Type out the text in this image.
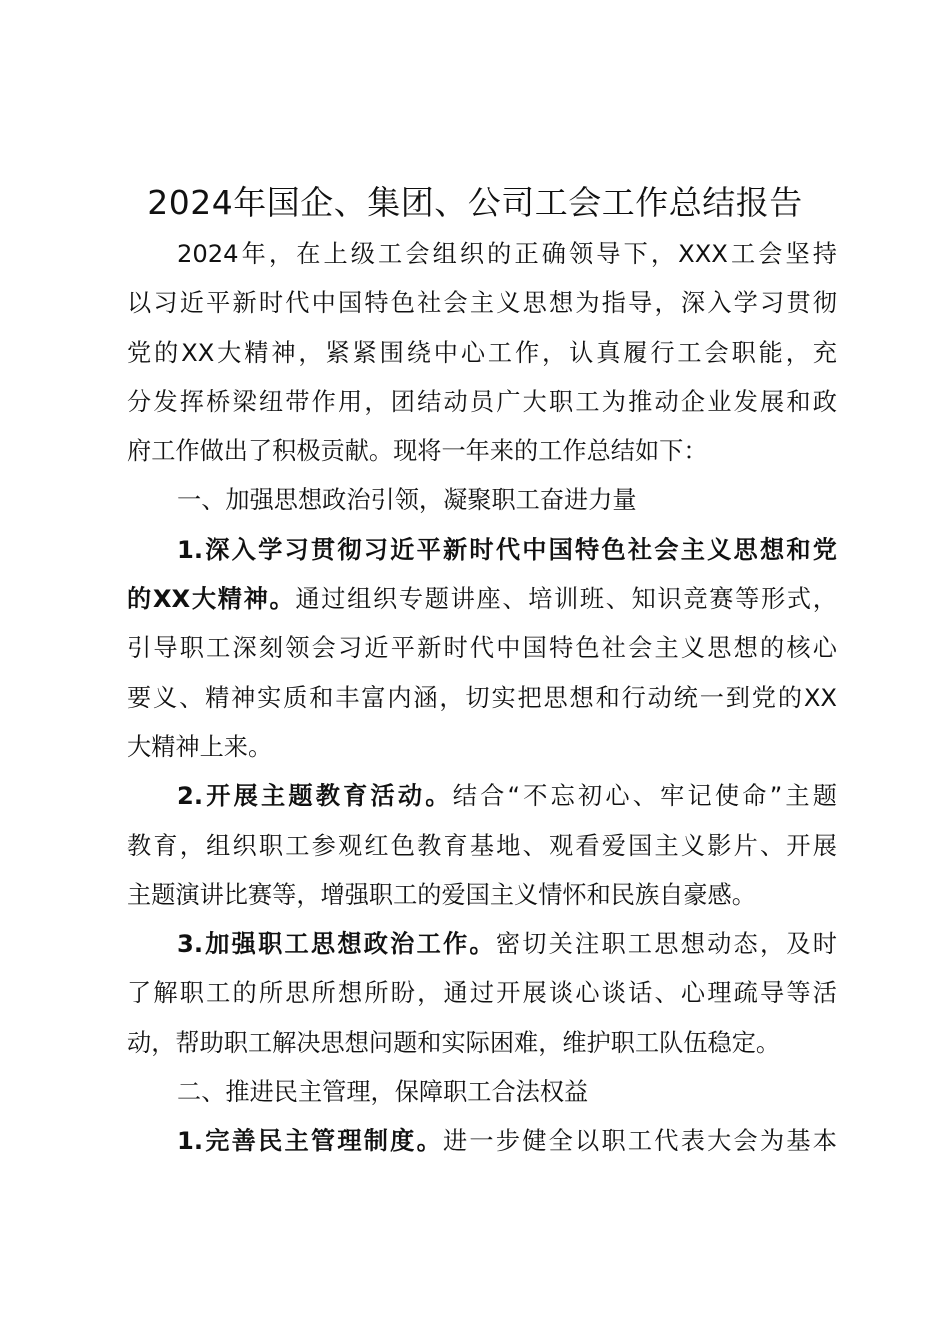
2024年国企、集团、公司工会工作总结报告
2024年，在上级工会组织的正确领导下，XXX工会坚持
以习近平新时代中国特色社会主义思想为指导，深入学习贯彻
党的XX大精神，紧紧围绕中心工作，认真履行工会职能，充
分发挥桥梁纽带作用，团结动员广大职工为推动企业发展和政
府工作做出了积极贡献。现将一年来的工作总结如下：
一、加强思想政治引领，凝聚职工奋进力量
1.深入学习贯彻习近平新时代中国特色社会主义思想和党
的XX大精神。通过组织专题讲座、培训班、知识竞赛等形式，
引导职工深刻领会习近平新时代中国特色社会主义思想的核心
要义、精神实质和丰富内涵，切实把思想和行动统一到党的XX
大精神上来。
2.开展主题教育活动。结合“不忘初心、牢记使命”主题
教育，组织职工参观红色教育基地、观看爱国主义影片、开展
主题演讲比赛等，增强职工的爱国主义情怀和民族自豪感。
3.加强职工思想政治工作。密切关注职工思想动态，及时
了解职工的所思所想所盼，通过开展谈心谈话、心理疏导等活
动，帮助职工解决思想问题和实际困难，维护职工队伍稳定。
二、推进民主管理，保障职工合法权益
1.完善民主管理制度。进一步健全以职工代表大会为基本
